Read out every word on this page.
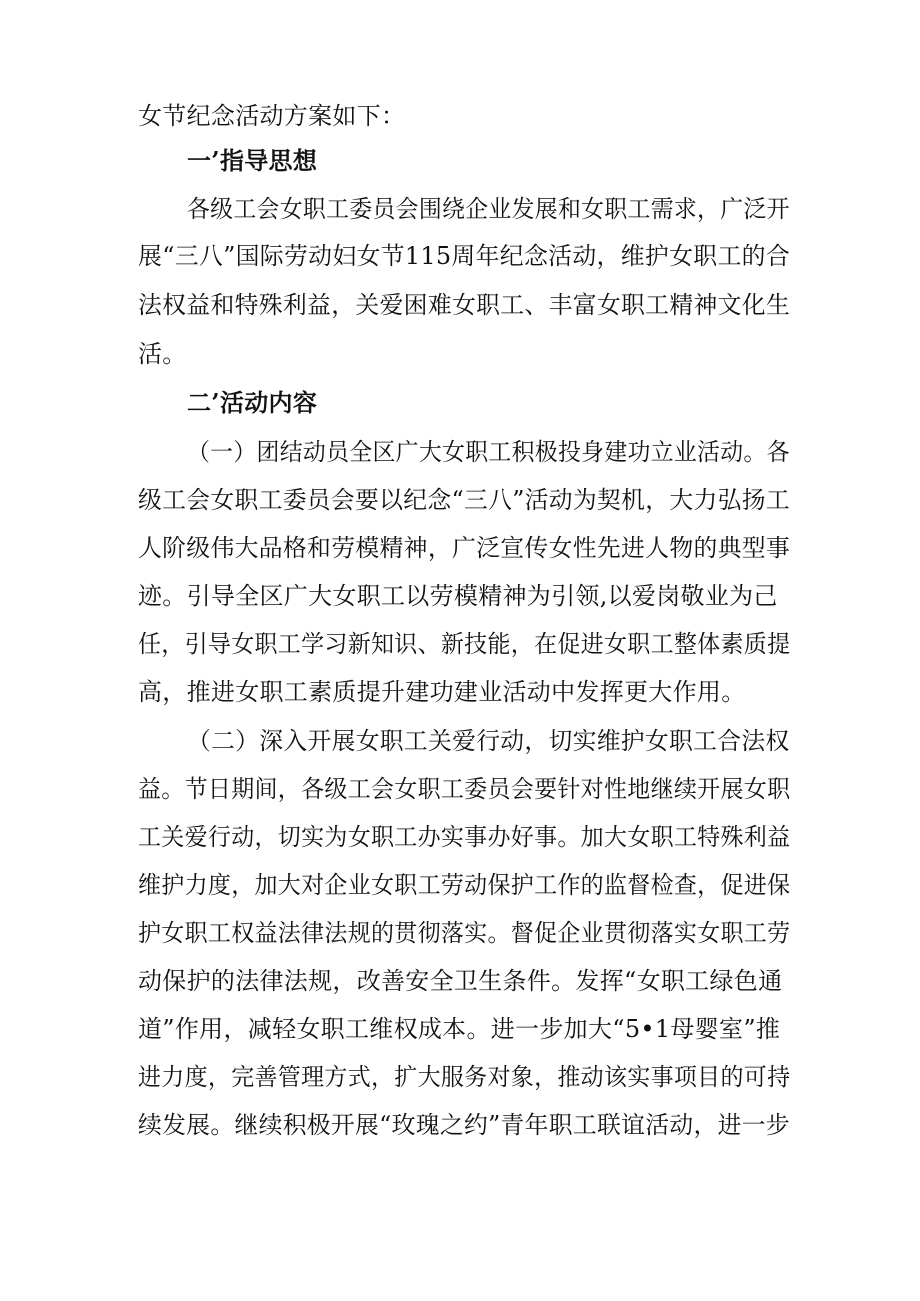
女节纪念活动方案如下：
一’指导思想
各级工会女职工委员会围绕企业发展和女职工需求，广泛开
展“三八”国际劳动妇女节115周年纪念活动，维护女职工的合
法权益和特殊利益，关爱困难女职工、丰富女职工精神文化生
活。
二’活动内容
（一）团结动员全区广大女职工积极投身建功立业活动。各
级工会女职工委员会要以纪念“三八”活动为契机，大力弘扬工
人阶级伟大品格和劳模精神，广泛宣传女性先进人物的典型事
迹。引导全区广大女职工以劳模精神为引领,以爱岗敬业为己
任，引导女职工学习新知识、新技能，在促进女职工整体素质提
高，推进女职工素质提升建功建业活动中发挥更大作用。
（二）深入开展女职工关爱行动，切实维护女职工合法权
益。节日期间，各级工会女职工委员会要针对性地继续开展女职
工关爱行动，切实为女职工办实事办好事。加大女职工特殊利益
维护力度，加大对企业女职工劳动保护工作的监督检查，促进保
护女职工权益法律法规的贯彻落实。督促企业贯彻落实女职工劳
动保护的法律法规，改善安全卫生条件。发挥“女职工绿色通
道”作用，减轻女职工维权成本。进一步加大“5•1母婴室”推
进力度，完善管理方式，扩大服务对象，推动该实事项目的可持
续发展。继续积极开展“玫瑰之约”青年职工联谊活动，进一步
